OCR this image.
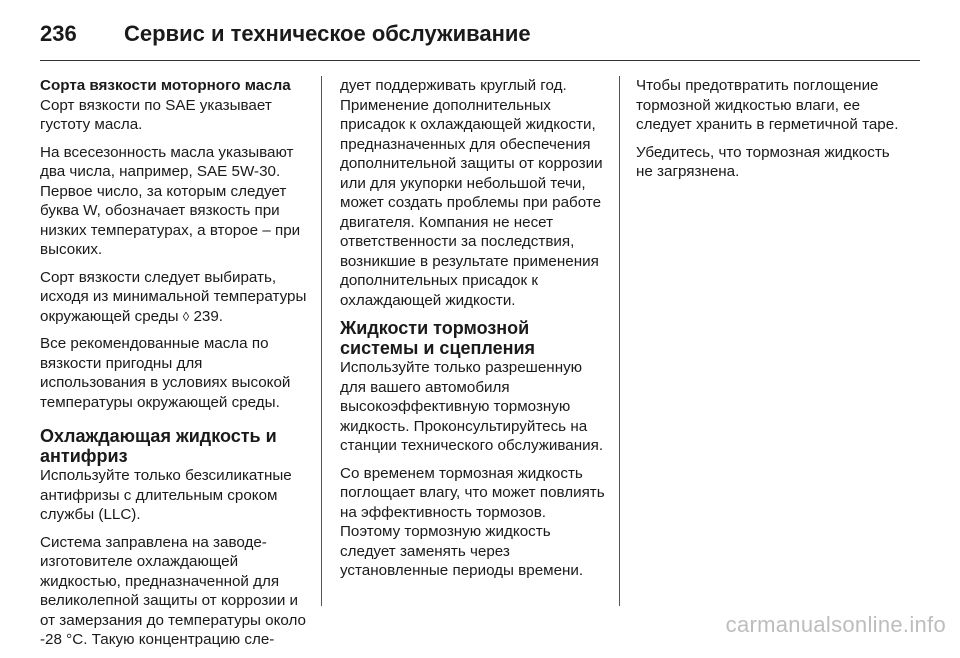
236	Сервис и техническое обслуживание

Сорта вязкости моторного масла

Сорт вязкости по SAE указывает густоту масла.

На всесезонность масла указывают два числа, например, SAE 5W-30. Первое число, за которым следует буква W, обозначает вязкость при низких температурах, а второе – при высоких.

Сорт вязкости следует выбирать, исходя из минимальной температуры окружающей среды ◊ 239.

Все рекомендованные масла по вязкости пригодны для использования в условиях высокой температуры окружающей среды.

Охлаждающая жидкость и антифриз

Используйте только безсиликатные антифризы с длительным сроком службы (LLC).

Система заправлена на заводе-изготовителе охлаждающей жидкостью, предназначенной для великолепной защиты от коррозии и от замерзания до температуры около -28 °C. Такую концентрацию сле-

дует поддерживать круглый год. Применение дополнительных присадок к охлаждающей жидкости, предназначенных для обеспечения дополнительной защиты от коррозии или для укупорки небольшой течи, может создать проблемы при работе двигателя. Компания не несет ответственности за последствия, возникшие в результате применения дополнительных присадок к охлаждающей жидкости.

Жидкости тормозной системы и сцепления

Используйте только разрешенную для вашего автомобиля высокоэффективную тормозную жидкость. Проконсультируйтесь на станции технического обслуживания.

Со временем тормозная жидкость поглощает влагу, что может повлиять на эффективность тормозов. Поэтому тормозную жидкость следует заменять через установленные периоды времени.

Чтобы предотвратить поглощение тормозной жидкостью влаги, ее следует хранить в герметичной таре.

Убедитесь, что тормозная жидкость не загрязнена.

carmanualsonline.info
